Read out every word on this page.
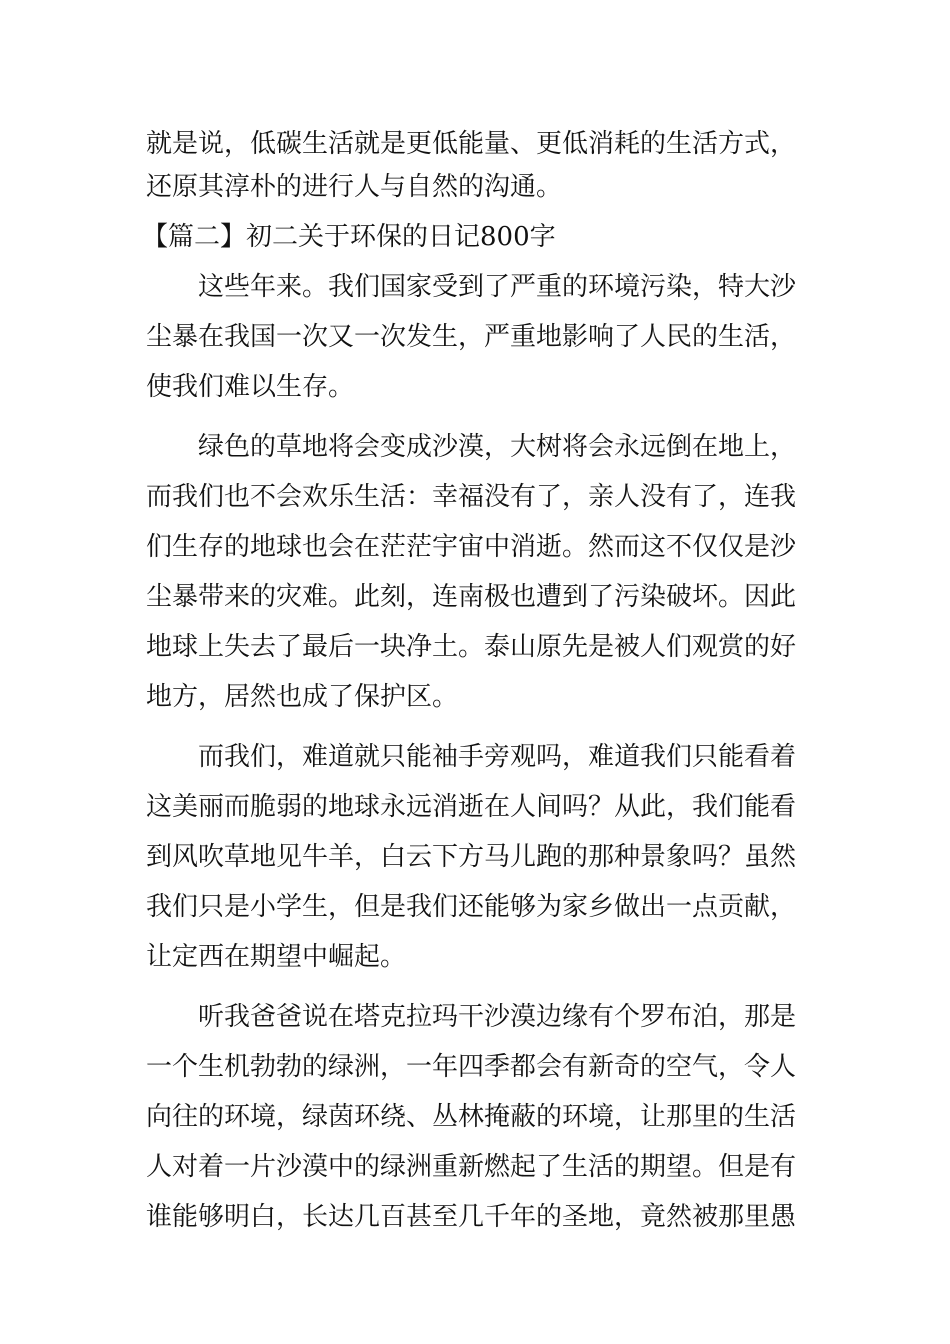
就是说，低碳生活就是更低能量、更低消耗的生活方式，
还原其淳朴的进行人与自然的沟通。
【篇二】初二关于环保的日记800字
这些年来。我们国家受到了严重的环境污染，特大沙
尘暴在我国一次又一次发生，严重地影响了人民的生活，
使我们难以生存。
绿色的草地将会变成沙漠，大树将会永远倒在地上，
而我们也不会欢乐生活：幸福没有了，亲人没有了，连我
们生存的地球也会在茫茫宇宙中消逝。然而这不仅仅是沙
尘暴带来的灾难。此刻，连南极也遭到了污染破坏。因此
地球上失去了最后一块净土。泰山原先是被人们观赏的好
地方，居然也成了保护区。
而我们，难道就只能袖手旁观吗，难道我们只能看着
这美丽而脆弱的地球永远消逝在人间吗？从此，我们能看
到风吹草地见牛羊，白云下方马儿跑的那种景象吗？虽然
我们只是小学生，但是我们还能够为家乡做出一点贡献，
让定西在期望中崛起。
听我爸爸说在塔克拉玛干沙漠边缘有个罗布泊，那是
一个生机勃勃的绿洲，一年四季都会有新奇的空气，令人
向往的环境，绿茵环绕、丛林掩蔽的环境，让那里的生活
人对着一片沙漠中的绿洲重新燃起了生活的期望。但是有
谁能够明白，长达几百甚至几千年的圣地，竟然被那里愚
